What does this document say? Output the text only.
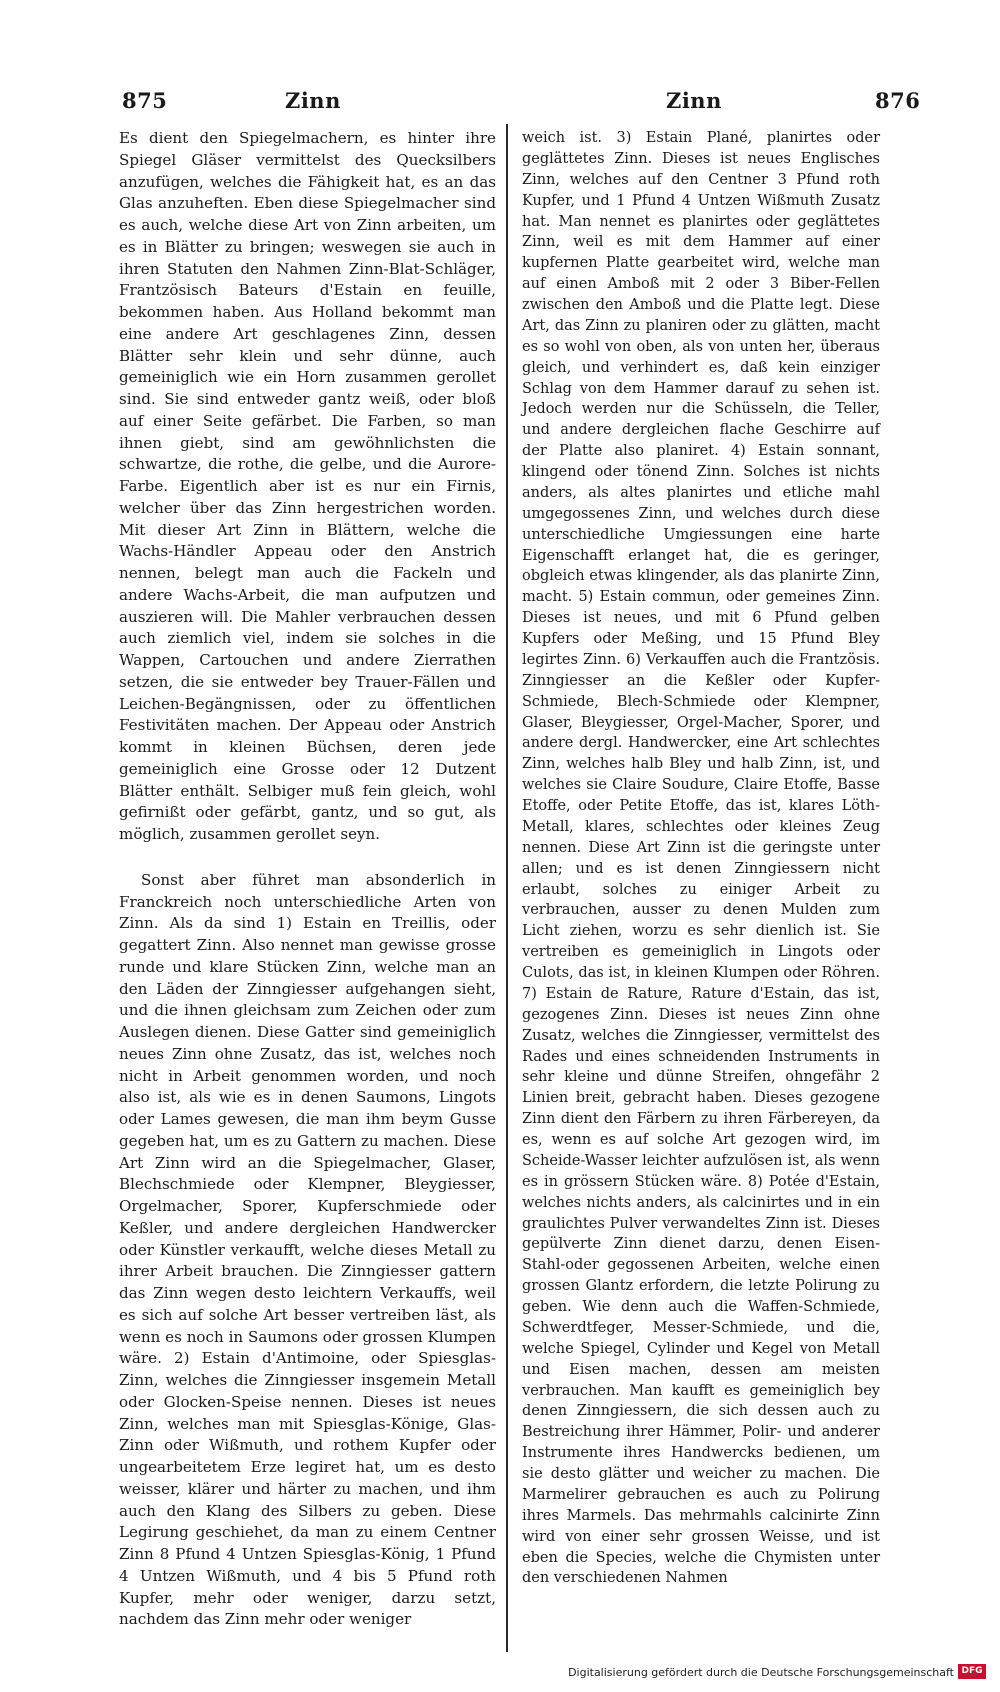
875	Zinn	Zinn	876

Es dient den Spiegelmachern, es hinter ihre Spiegel Gläser vermittelst des Quecksilbers anzufügen, welches die Fähigkeit hat, es an das Glas anzuheften. Eben diese Spiegelmacher sind es auch, welche diese Art von Zinn arbeiten, um es in Blätter zu bringen; weswegen sie auch in ihren Statuten den Nahmen Zinn-Blat-Schläger, Frantzösisch Bateurs d'Estain en feuille, bekommen haben. Aus Holland bekommt man eine andere Art geschlagenes Zinn, dessen Blätter sehr klein und sehr dünne, auch gemeiniglich wie ein Horn zusammen gerollet sind. Sie sind entweder gantz weiß, oder bloß auf einer Seite gefärbet. Die Farben, so man ihnen giebt, sind am gewöhnlichsten die schwartze, die rothe, die gelbe, und die Aurore-Farbe. Eigentlich aber ist es nur ein Firnis, welcher über das Zinn hergestrichen worden. Mit dieser Art Zinn in Blättern, welche die Wachs-Händler Appeau oder den Anstrich nennen, belegt man auch die Fackeln und andere Wachs-Arbeit, die man aufputzen und auszieren will. Die Mahler verbrauchen dessen auch ziemlich viel, indem sie solches in die Wappen, Cartouchen und andere Zierrathen setzen, die sie entweder bey Trauer-Fällen und Leichen-Begängnissen, oder zu öffentlichen Festivitäten machen. Der Appeau oder Anstrich kommt in kleinen Büchsen, deren jede gemeiniglich eine Grosse oder 12 Dutzent Blätter enthält. Selbiger muß fein gleich, wohl gefirnißt oder gefärbt, gantz, und so gut, als möglich, zusammen gerollet seyn.

Sonst aber führet man absonderlich in Franckreich noch unterschiedliche Arten von Zinn. Als da sind 1) Estain en Treillis, oder gegattert Zinn. Also nennet man gewisse grosse runde und klare Stücken Zinn, welche man an den Läden der Zinngiesser aufgehangen sieht, und die ihnen gleichsam zum Zeichen oder zum Auslegen dienen. Diese Gatter sind gemeiniglich neues Zinn ohne Zusatz, das ist, welches noch nicht in Arbeit genommen worden, und noch also ist, als wie es in denen Saumons, Lingots oder Lames gewesen, die man ihm beym Gusse gegeben hat, um es zu Gattern zu machen. Diese Art Zinn wird an die Spiegelmacher, Glaser, Blechschmiede oder Klempner, Bleygiesser, Orgelmacher, Sporer, Kupferschmiede oder Keßler, und andere dergleichen Handwercker oder Künstler verkaufft, welche dieses Metall zu ihrer Arbeit brauchen. Die Zinngiesser gattern das Zinn wegen desto leichtern Verkauffs, weil es sich auf solche Art besser vertreiben läst, als wenn es noch in Saumons oder grossen Klumpen wäre. 2) Estain d'Antimoine, oder Spiesglas-Zinn, welches die Zinngiesser insgemein Metall oder Glocken-Speise nennen. Dieses ist neues Zinn, welches man mit Spiesglas-Könige, Glas-Zinn oder Wißmuth, und rothem Kupfer oder ungearbeitetem Erze legiret hat, um es desto weisser, klärer und härter zu machen, und ihm auch den Klang des Silbers zu geben. Diese Legirung geschiehet, da man zu einem Centner Zinn 8 Pfund 4 Untzen Spiesglas-König, 1 Pfund 4 Untzen Wißmuth, und 4 bis 5 Pfund roth Kupfer, mehr oder weniger, darzu setzt, nachdem das Zinn mehr oder weniger

weich ist. 3) Estain Plané, planirtes oder geglättetes Zinn. Dieses ist neues Englisches Zinn, welches auf den Centner 3 Pfund roth Kupfer, und 1 Pfund 4 Untzen Wißmuth Zusatz hat. Man nennet es planirtes oder geglättetes Zinn, weil es mit dem Hammer auf einer kupfernen Platte gearbeitet wird, welche man auf einen Amboß mit 2 oder 3 Biber-Fellen zwischen den Amboß und die Platte legt. Diese Art, das Zinn zu planiren oder zu glätten, macht es so wohl von oben, als von unten her, überaus gleich, und verhindert es, daß kein einziger Schlag von dem Hammer darauf zu sehen ist. Jedoch werden nur die Schüsseln, die Teller, und andere dergleichen flache Geschirre auf der Platte also planiret. 4) Estain sonnant, klingend oder tönend Zinn. Solches ist nichts anders, als altes planirtes und etliche mahl umgegossenes Zinn, und welches durch diese unterschiedliche Umgiessungen eine harte Eigenschafft erlanget hat, die es geringer, obgleich etwas klingender, als das planirte Zinn, macht. 5) Estain commun, oder gemeines Zinn. Dieses ist neues, und mit 6 Pfund gelben Kupfers oder Meßing, und 15 Pfund Bley legirtes Zinn. 6) Verkauffen auch die Frantzösis. Zinngiesser an die Keßler oder Kupfer-Schmiede, Blech-Schmiede oder Klempner, Glaser, Bleygiesser, Orgel-Macher, Sporer, und andere dergl. Handwercker, eine Art schlechtes Zinn, welches halb Bley und halb Zinn, ist, und welches sie Claire Soudure, Claire Etoffe, Basse Etoffe, oder Petite Etoffe, das ist, klares Löth-Metall, klares, schlechtes oder kleines Zeug nennen. Diese Art Zinn ist die geringste unter allen; und es ist denen Zinngiessern nicht erlaubt, solches zu einiger Arbeit zu verbrauchen, ausser zu denen Mulden zum Licht ziehen, worzu es sehr dienlich ist. Sie vertreiben es gemeiniglich in Lingots oder Culots, das ist, in kleinen Klumpen oder Röhren. 7) Estain de Rature, Rature d'Estain, das ist, gezogenes Zinn. Dieses ist neues Zinn ohne Zusatz, welches die Zinngiesser, vermittelst des Rades und eines schneidenden Instruments in sehr kleine und dünne Streifen, ohngefähr 2 Linien breit, gebracht haben. Dieses gezogene Zinn dient den Färbern zu ihren Färbereyen, da es, wenn es auf solche Art gezogen wird, im Scheide-Wasser leichter aufzulösen ist, als wenn es in grössern Stücken wäre. 8) Potée d'Estain, welches nichts anders, als calcinirtes und in ein graulichtes Pulver verwandeltes Zinn ist. Dieses gepülverte Zinn dienet darzu, denen Eisen-Stahl-oder gegossenen Arbeiten, welche einen grossen Glantz erfordern, die letzte Polirung zu geben. Wie denn auch die Waffen-Schmiede, Schwerdtfeger, Messer-Schmiede, und die, welche Spiegel, Cylinder und Kegel von Metall und Eisen machen, dessen am meisten verbrauchen. Man kaufft es gemeiniglich bey denen Zinngiessern, die sich dessen auch zu Bestreichung ihrer Hämmer, Polir- und anderer Instrumente ihres Handwercks bedienen, um sie desto glätter und weicher zu machen. Die Marmelirer gebrauchen es auch zu Polirung ihres Marmels. Das mehrmahls calcinirte Zinn wird von einer sehr grossen Weisse, und ist eben die Species, welche die Chymisten unter den verschiedenen Nahmen

Digitalisierung gefördert durch die Deutsche Forschungsgemeinschaft DFG
